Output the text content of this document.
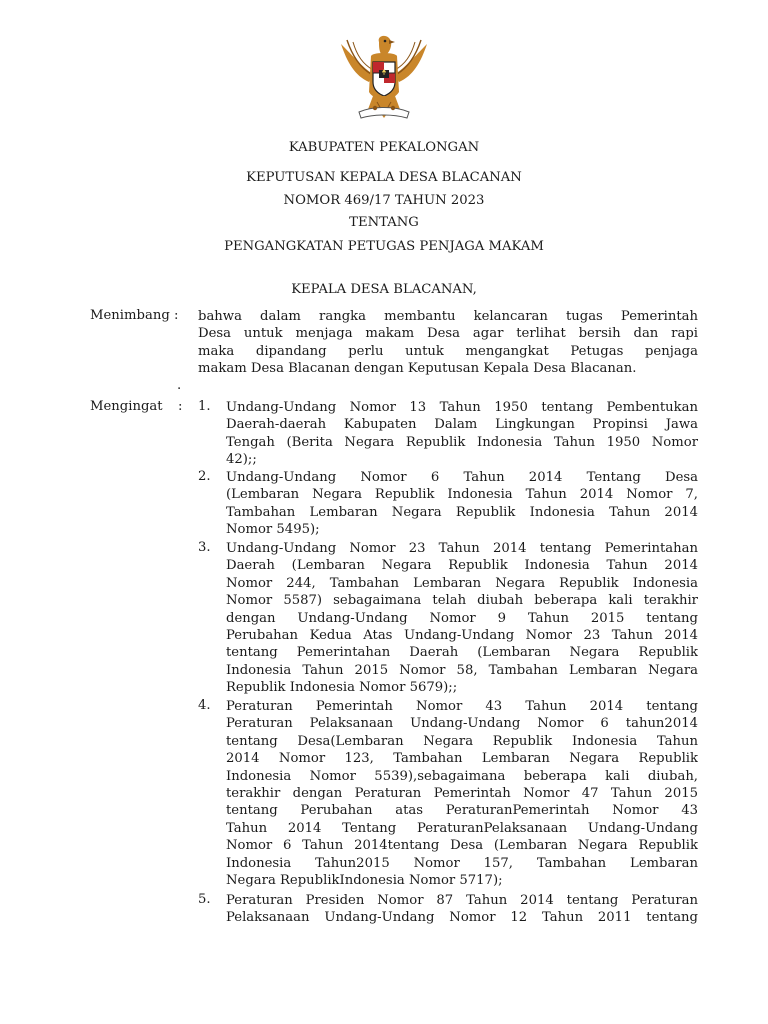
KABUPATEN PEKALONGAN
KEPUTUSAN KEPALA DESA BLACANAN
NOMOR 469/17 TAHUN 2023
TENTANG
PENGANGKATAN PETUGAS PENJAGA MAKAM
KEPALA DESA BLACANAN,
Menimbang : bahwa dalam rangka membantu kelancaran tugas Pemerintah
Desa untuk menjaga makam Desa agar terlihat bersih dan rapi
maka dipandang perlu untuk mengangkat Petugas penjaga
makam Desa Blacanan dengan Keputusan Kepala Desa Blacanan.
.
Mengingat : 1. Undang-Undang Nomor 13 Tahun 1950 tentang Pembentukan
Daerah-daerah Kabupaten Dalam Lingkungan Propinsi Jawa
Tengah (Berita Negara Republik Indonesia Tahun 1950 Nomor
42);;
2. Undang-Undang Nomor 6 Tahun 2014 Tentang Desa
(Lembaran Negara Republik Indonesia Tahun 2014 Nomor 7,
Tambahan Lembaran Negara Republik Indonesia Tahun 2014
Nomor 5495);
3. Undang-Undang Nomor 23 Tahun 2014 tentang Pemerintahan
Daerah (Lembaran Negara Republik Indonesia Tahun 2014
Nomor 244, Tambahan Lembaran Negara Republik Indonesia
Nomor 5587) sebagaimana telah diubah beberapa kali terakhir
dengan Undang-Undang Nomor 9 Tahun 2015 tentang
Perubahan Kedua Atas Undang-Undang Nomor 23 Tahun 2014
tentang Pemerintahan Daerah (Lembaran Negara Republik
Indonesia Tahun 2015 Nomor 58, Tambahan Lembaran Negara
Republik Indonesia Nomor 5679);;
4. Peraturan Pemerintah Nomor 43 Tahun 2014 tentang
Peraturan Pelaksanaan Undang-Undang Nomor 6 tahun2014
tentang Desa(Lembaran Negara Republik Indonesia Tahun
2014 Nomor 123, Tambahan Lembaran Negara Republik
Indonesia Nomor 5539),sebagaimana beberapa kali diubah,
terakhir dengan Peraturan Pemerintah Nomor 47 Tahun 2015
tentang Perubahan atas PeraturanPemerintah Nomor 43
Tahun 2014 Tentang PeraturanPelaksanaan Undang-Undang
Nomor 6 Tahun 2014tentang Desa (Lembaran Negara Republik
Indonesia Tahun2015 Nomor 157, Tambahan Lembaran
Negara RepublikIndonesia Nomor 5717);
5. Peraturan Presiden Nomor 87 Tahun 2014 tentang Peraturan
Pelaksanaan Undang-Undang Nomor 12 Tahun 2011 tentang
